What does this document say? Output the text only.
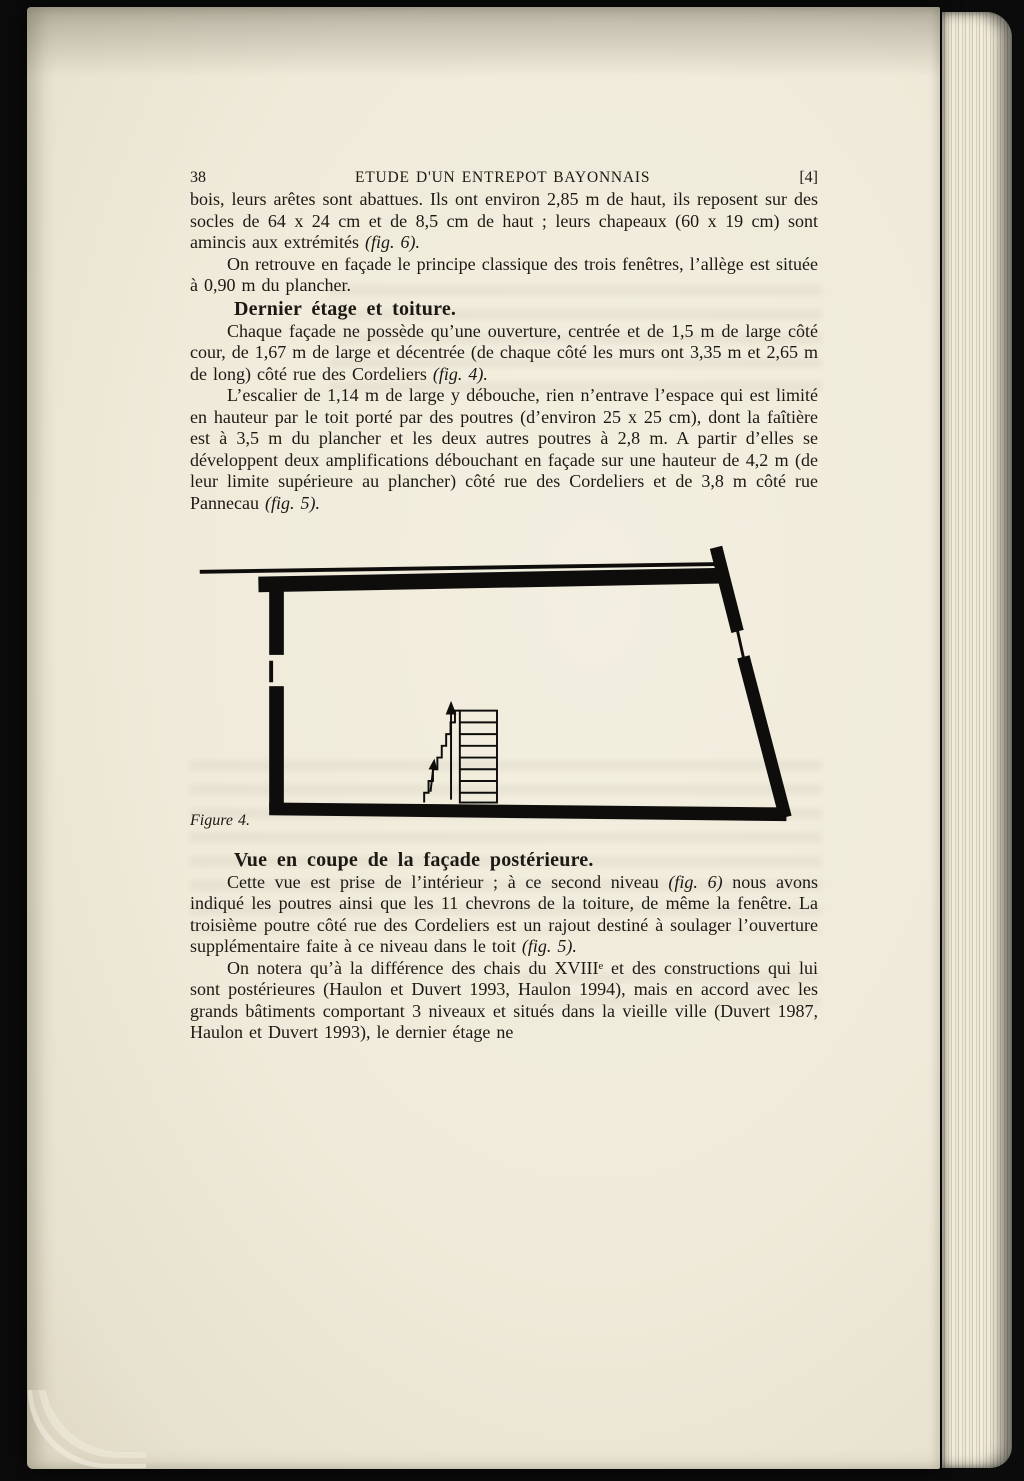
38	ETUDE D'UN ENTREPOT BAYONNAIS	[4]

bois, leurs arêtes sont abattues. Ils ont environ 2,85 m de haut, ils reposent sur des socles de 64 x 24 cm et de 8,5 cm de haut ; leurs chapeaux (60 x 19 cm) sont amincis aux extrémités (fig. 6).

On retrouve en façade le principe classique des trois fenêtres, l’allège est située à 0,90 m du plancher.

Dernier étage et toiture.

Chaque façade ne possède qu’une ouverture, centrée et de 1,5 m de large côté cour, de 1,67 m de large et décentrée (de chaque côté les murs ont 3,35 m et 2,65 m de long) côté rue des Cordeliers (fig. 4).

L’escalier de 1,14 m de large y débouche, rien n’entrave l’espace qui est limité en hauteur par le toit porté par des poutres (d’environ 25 x 25 cm), dont la faîtière est à 3,5 m du plancher et les deux autres poutres à 2,8 m. A partir d’elles se développent deux amplifications débouchant en façade sur une hauteur de 4,2 m (de leur limite supérieure au plancher) côté rue des Cordeliers et de 3,8 m côté rue Pannecau (fig. 5).

Figure 4.

Vue en coupe de la façade postérieure.

Cette vue est prise de l’intérieur ; à ce second niveau (fig. 6) nous avons indiqué les poutres ainsi que les 11 chevrons de la toiture, de même la fenêtre. La troisième poutre côté rue des Cordeliers est un rajout destiné à soulager l’ouverture supplémentaire faite à ce niveau dans le toit (fig. 5).

On notera qu’à la différence des chais du XVIIIᵉ et des constructions qui lui sont postérieures (Haulon et Duvert 1993, Haulon 1994), mais en accord avec les grands bâtiments comportant 3 niveaux et situés dans la vieille ville (Duvert 1987, Haulon et Duvert 1993), le dernier étage ne
